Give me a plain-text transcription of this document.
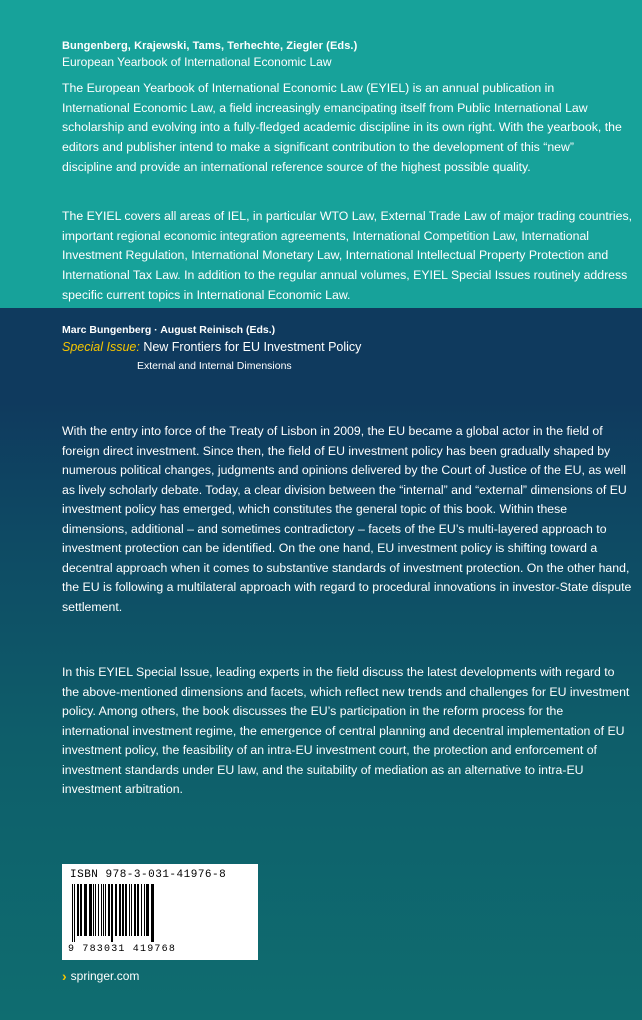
Bungenberg, Krajewski, Tams, Terhechte, Ziegler (Eds.)
European Yearbook of International Economic Law
The European Yearbook of International Economic Law (EYIEL) is an annual publication in International Economic Law, a field increasingly emancipating itself from Public International Law scholarship and evolving into a fully-fledged academic discipline in its own right. With the yearbook, the editors and publisher intend to make a significant contribution to the development of this “new” discipline and provide an international reference source of the highest possible quality.
The EYIEL covers all areas of IEL, in particular WTO Law, External Trade Law of major trading countries, important regional economic integration agreements, International Competition Law, International Investment Regulation, International Monetary Law, International Intellectual Property Protection and International Tax Law. In addition to the regular annual volumes, EYIEL Special Issues routinely address specific current topics in International Economic Law.
Marc Bungenberg · August Reinisch (Eds.)
Special Issue: New Frontiers for EU Investment Policy
External and Internal Dimensions
With the entry into force of the Treaty of Lisbon in 2009, the EU became a global actor in the field of foreign direct investment. Since then, the field of EU investment policy has been gradually shaped by numerous political changes, judgments and opinions delivered by the Court of Justice of the EU, as well as lively scholarly debate. Today, a clear division between the “internal” and “external” dimensions of EU investment policy has emerged, which constitutes the general topic of this book. Within these dimensions, additional – and sometimes contradictory – facets of the EU’s multi-layered approach to investment protection can be identified. On the one hand, EU investment policy is shifting toward a decentral approach when it comes to substantive standards of investment protection. On the other hand, the EU is following a multilateral approach with regard to procedural innovations in investor-State dispute settlement.
In this EYIEL Special Issue, leading experts in the field discuss the latest developments with regard to the above-mentioned dimensions and facets, which reflect new trends and challenges for EU investment policy. Among others, the book discusses the EU’s participation in the reform process for the international investment regime, the emergence of central planning and decentral implementation of EU investment policy, the feasibility of an intra-EU investment court, the protection and enforcement of investment standards under EU law, and the suitability of mediation as an alternative to intra-EU investment arbitration.
ISBN 978-3-031-41976-8
9 783031 419768
› springer.com
